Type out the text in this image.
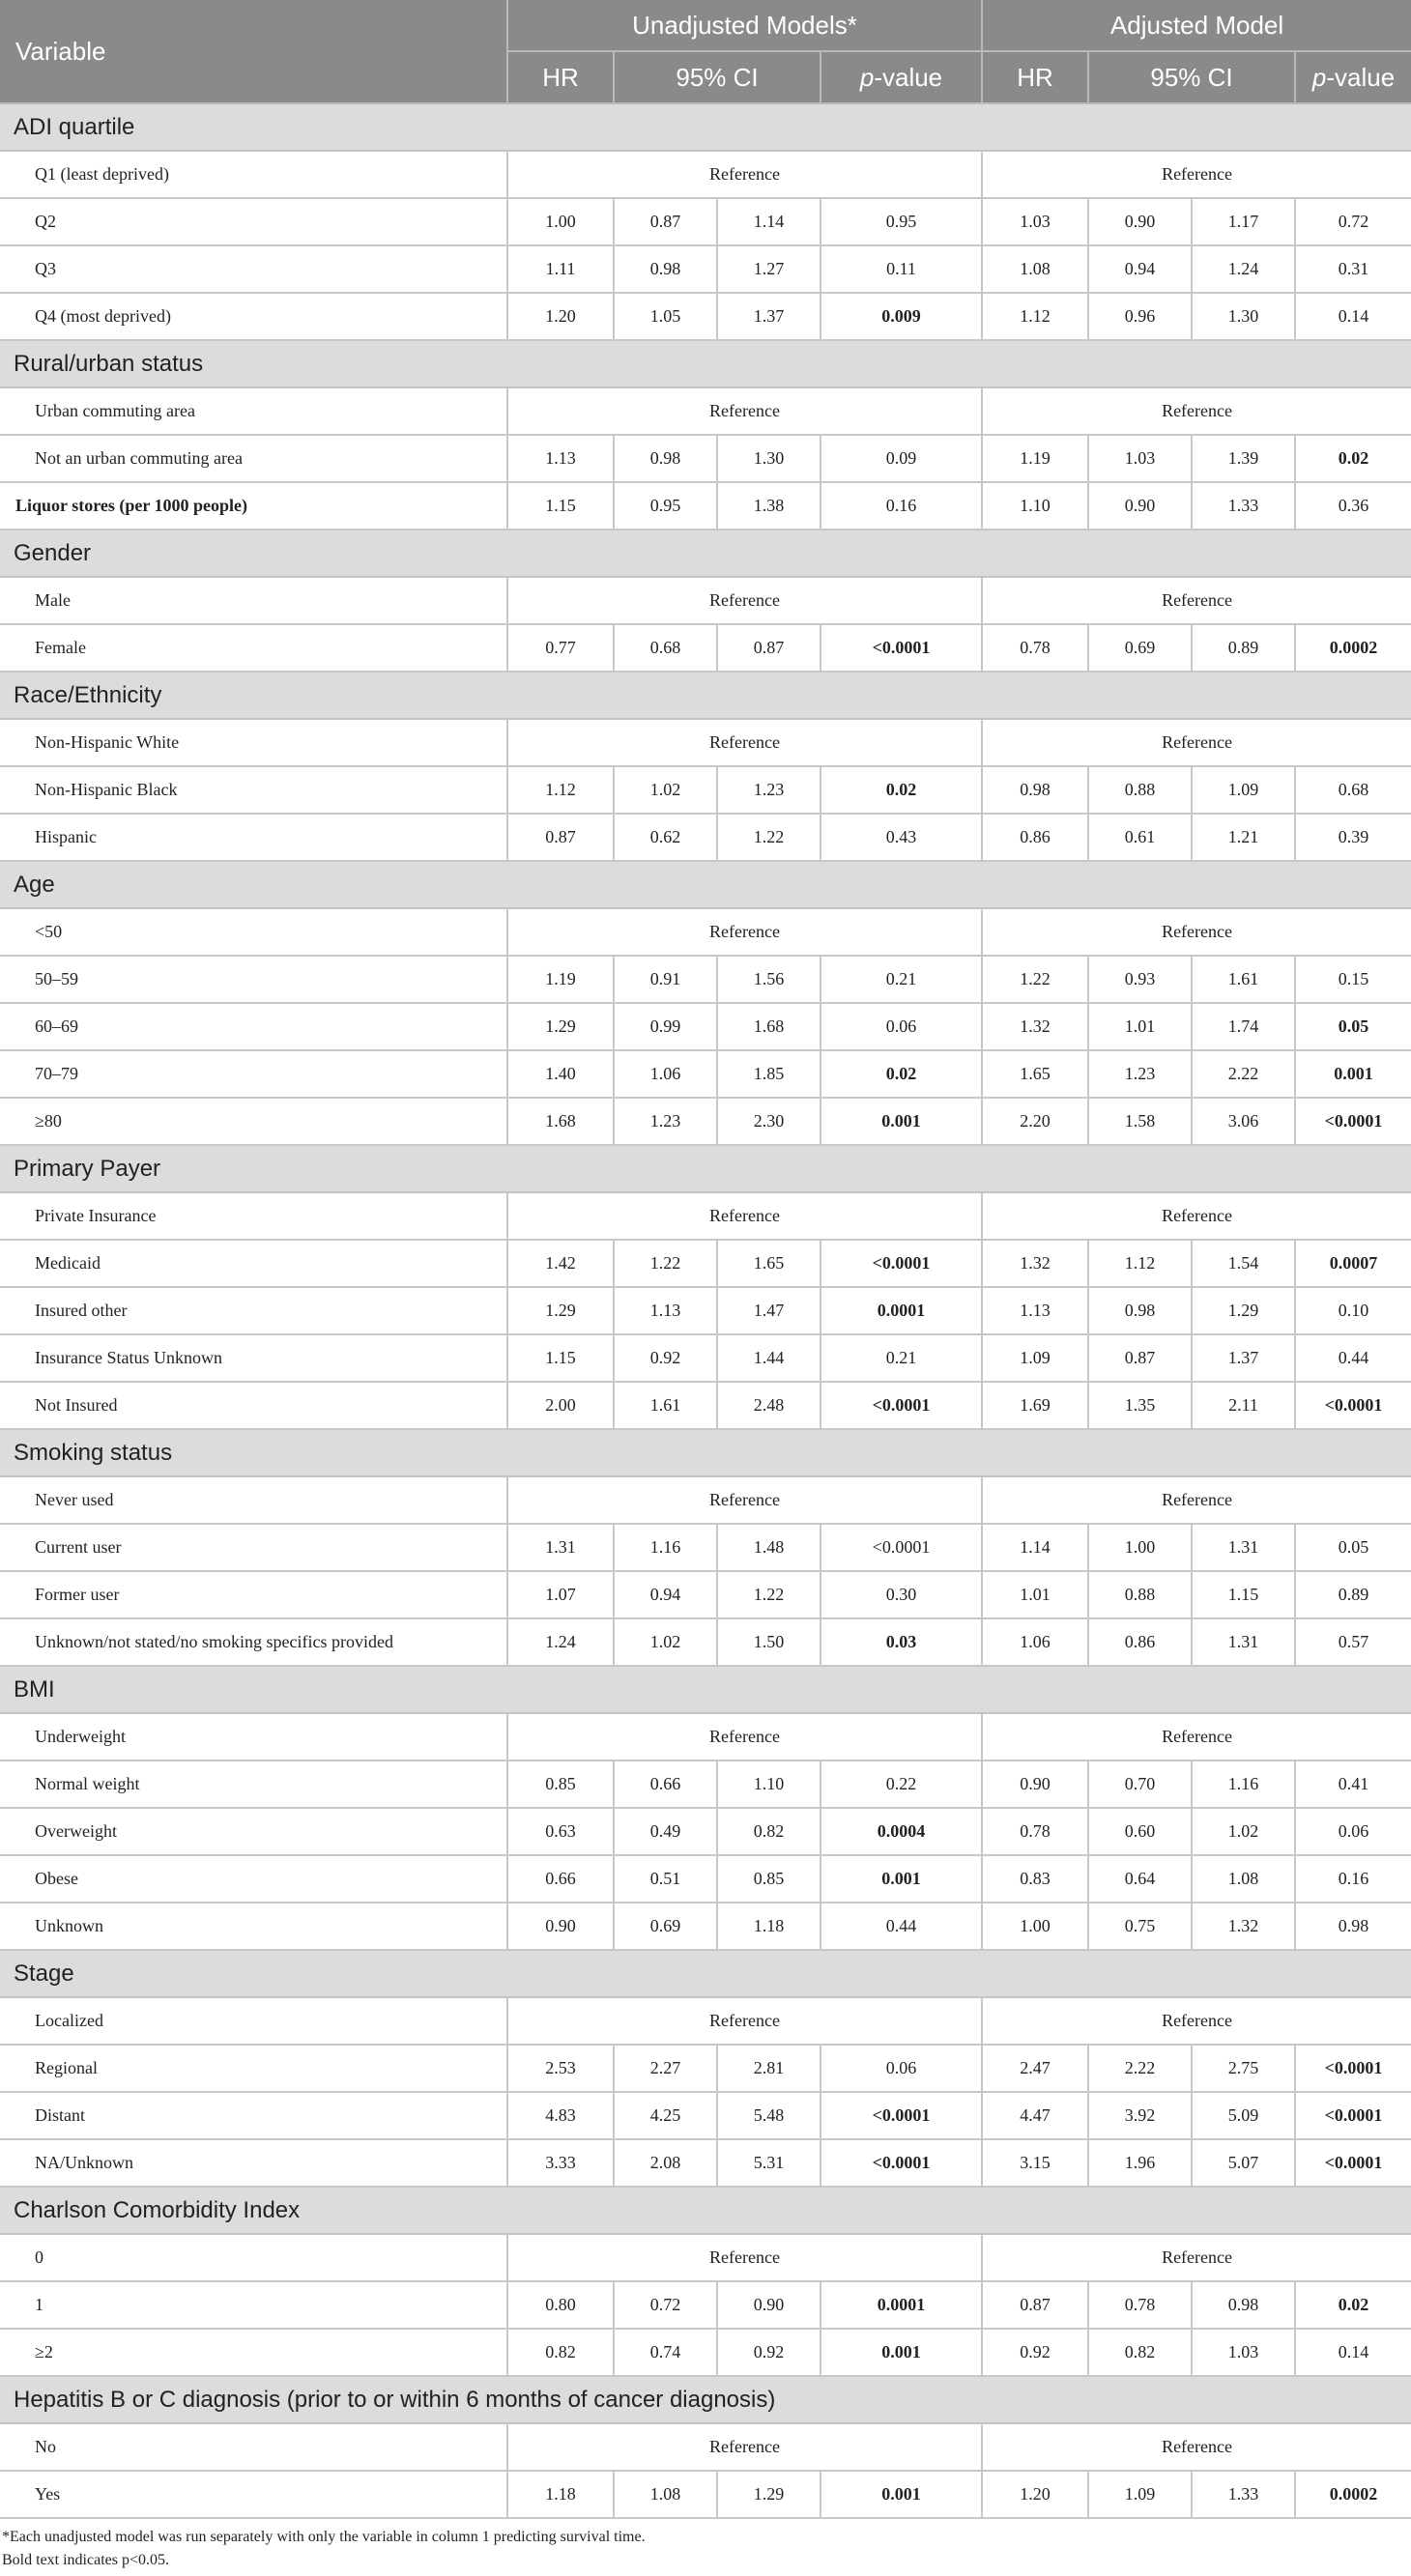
Variable	Unadjusted Models*				Adjusted Model			
	HR	95% CI		p-value	HR	95% CI		p-value
ADI quartile								
Q1 (least deprived)	Reference				Reference			
Q2	1.00	0.87	1.14	0.95	1.03	0.90	1.17	0.72
Q3	1.11	0.98	1.27	0.11	1.08	0.94	1.24	0.31
Q4 (most deprived)	1.20	1.05	1.37	0.009	1.12	0.96	1.30	0.14
Rural/urban status								
Urban commuting area	Reference				Reference			
Not an urban commuting area	1.13	0.98	1.30	0.09	1.19	1.03	1.39	0.02
Liquor stores (per 1000 people)	1.15	0.95	1.38	0.16	1.10	0.90	1.33	0.36
Gender								
Male	Reference				Reference			
Female	0.77	0.68	0.87	<0.0001	0.78	0.69	0.89	0.0002
Race/Ethnicity								
Non-Hispanic White	Reference				Reference			
Non-Hispanic Black	1.12	1.02	1.23	0.02	0.98	0.88	1.09	0.68
Hispanic	0.87	0.62	1.22	0.43	0.86	0.61	1.21	0.39
Age								
<50	Reference				Reference			
50–59	1.19	0.91	1.56	0.21	1.22	0.93	1.61	0.15
60–69	1.29	0.99	1.68	0.06	1.32	1.01	1.74	0.05
70–79	1.40	1.06	1.85	0.02	1.65	1.23	2.22	0.001
≥80	1.68	1.23	2.30	0.001	2.20	1.58	3.06	<0.0001
Primary Payer								
Private Insurance	Reference				Reference			
Medicaid	1.42	1.22	1.65	<0.0001	1.32	1.12	1.54	0.0007
Insured other	1.29	1.13	1.47	0.0001	1.13	0.98	1.29	0.10
Insurance Status Unknown	1.15	0.92	1.44	0.21	1.09	0.87	1.37	0.44
Not Insured	2.00	1.61	2.48	<0.0001	1.69	1.35	2.11	<0.0001
Smoking status								
Never used	Reference				Reference			
Current user	1.31	1.16	1.48	<0.0001	1.14	1.00	1.31	0.05
Former user	1.07	0.94	1.22	0.30	1.01	0.88	1.15	0.89
Unknown/not stated/no smoking specifics provided	1.24	1.02	1.50	0.03	1.06	0.86	1.31	0.57
BMI								
Underweight	Reference				Reference			
Normal weight	0.85	0.66	1.10	0.22	0.90	0.70	1.16	0.41
Overweight	0.63	0.49	0.82	0.0004	0.78	0.60	1.02	0.06
Obese	0.66	0.51	0.85	0.001	0.83	0.64	1.08	0.16
Unknown	0.90	0.69	1.18	0.44	1.00	0.75	1.32	0.98
Stage								
Localized	Reference				Reference			
Regional	2.53	2.27	2.81	0.06	2.47	2.22	2.75	<0.0001
Distant	4.83	4.25	5.48	<0.0001	4.47	3.92	5.09	<0.0001
NA/Unknown	3.33	2.08	5.31	<0.0001	3.15	1.96	5.07	<0.0001
Charlson Comorbidity Index								
0	Reference				Reference			
1	0.80	0.72	0.90	0.0001	0.87	0.78	0.98	0.02
≥2	0.82	0.74	0.92	0.001	0.92	0.82	1.03	0.14
Hepatitis B or C diagnosis (prior to or within 6 months of cancer diagnosis)								
No	Reference				Reference			
Yes	1.18	1.08	1.29	0.001	1.20	1.09	1.33	0.0002
*Each unadjusted model was run separately with only the variable in column 1 predicting survival time.
Bold text indicates p<0.05.
